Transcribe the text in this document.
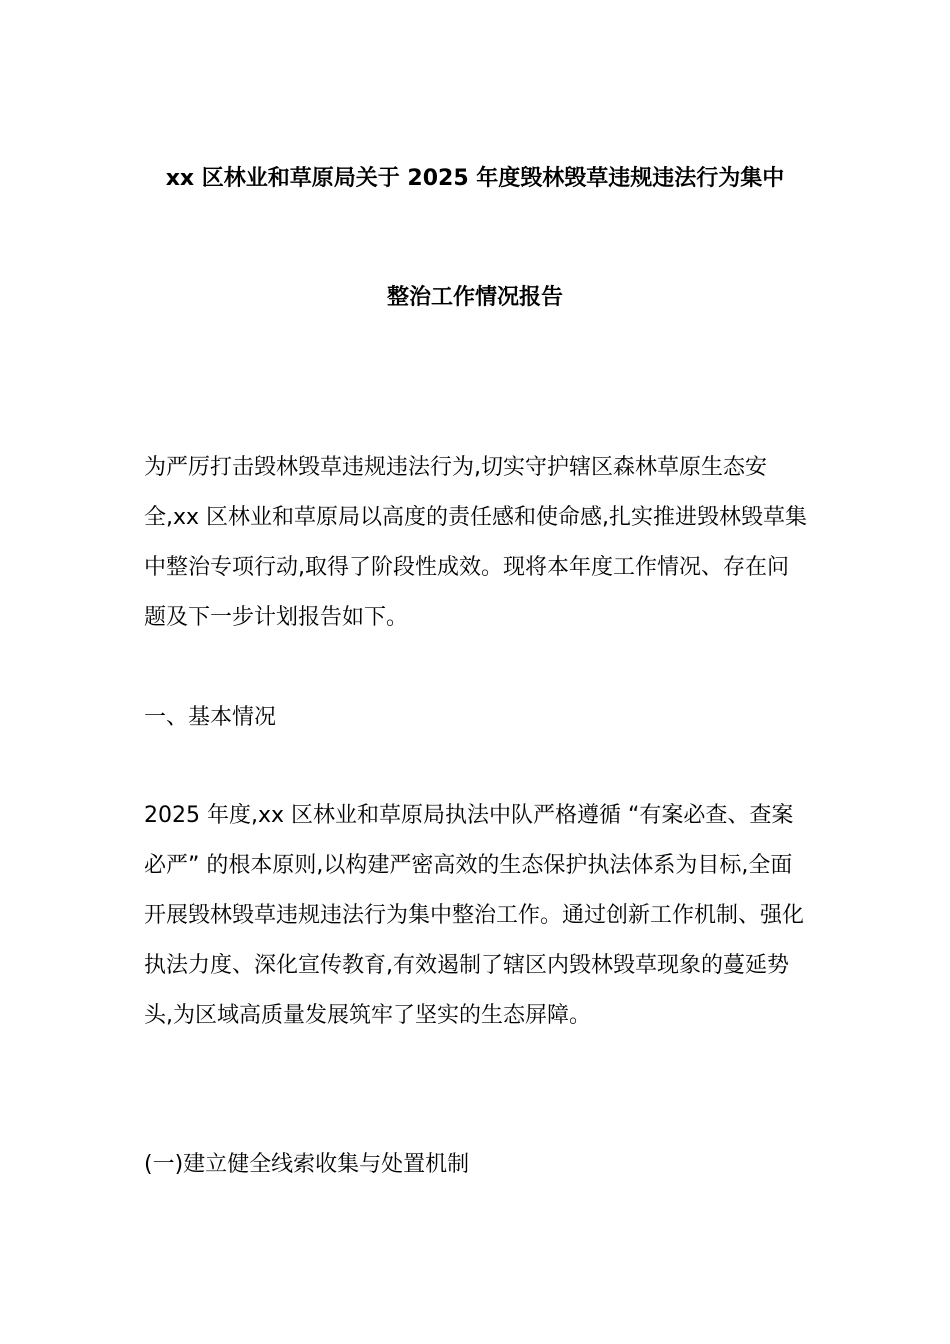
xx 区林业和草原局关于 2025 年度毁林毁草违规违法行为集中
整治工作情况报告

为严厉打击毁林毁草违规违法行为,切实守护辖区森林草原生态安全,xx 区林业和草原局以高度的责任感和使命感,扎实推进毁林毁草集中整治专项行动,取得了阶段性成效。现将本年度工作情况、存在问题及下一步计划报告如下。

一、基本情况

2025 年度,xx 区林业和草原局执法中队严格遵循 “有案必查、查案必严” 的根本原则,以构建严密高效的生态保护执法体系为目标,全面开展毁林毁草违规违法行为集中整治工作。通过创新工作机制、强化执法力度、深化宣传教育,有效遏制了辖区内毁林毁草现象的蔓延势头,为区域高质量发展筑牢了坚实的生态屏障。

(一)建立健全线索收集与处置机制
